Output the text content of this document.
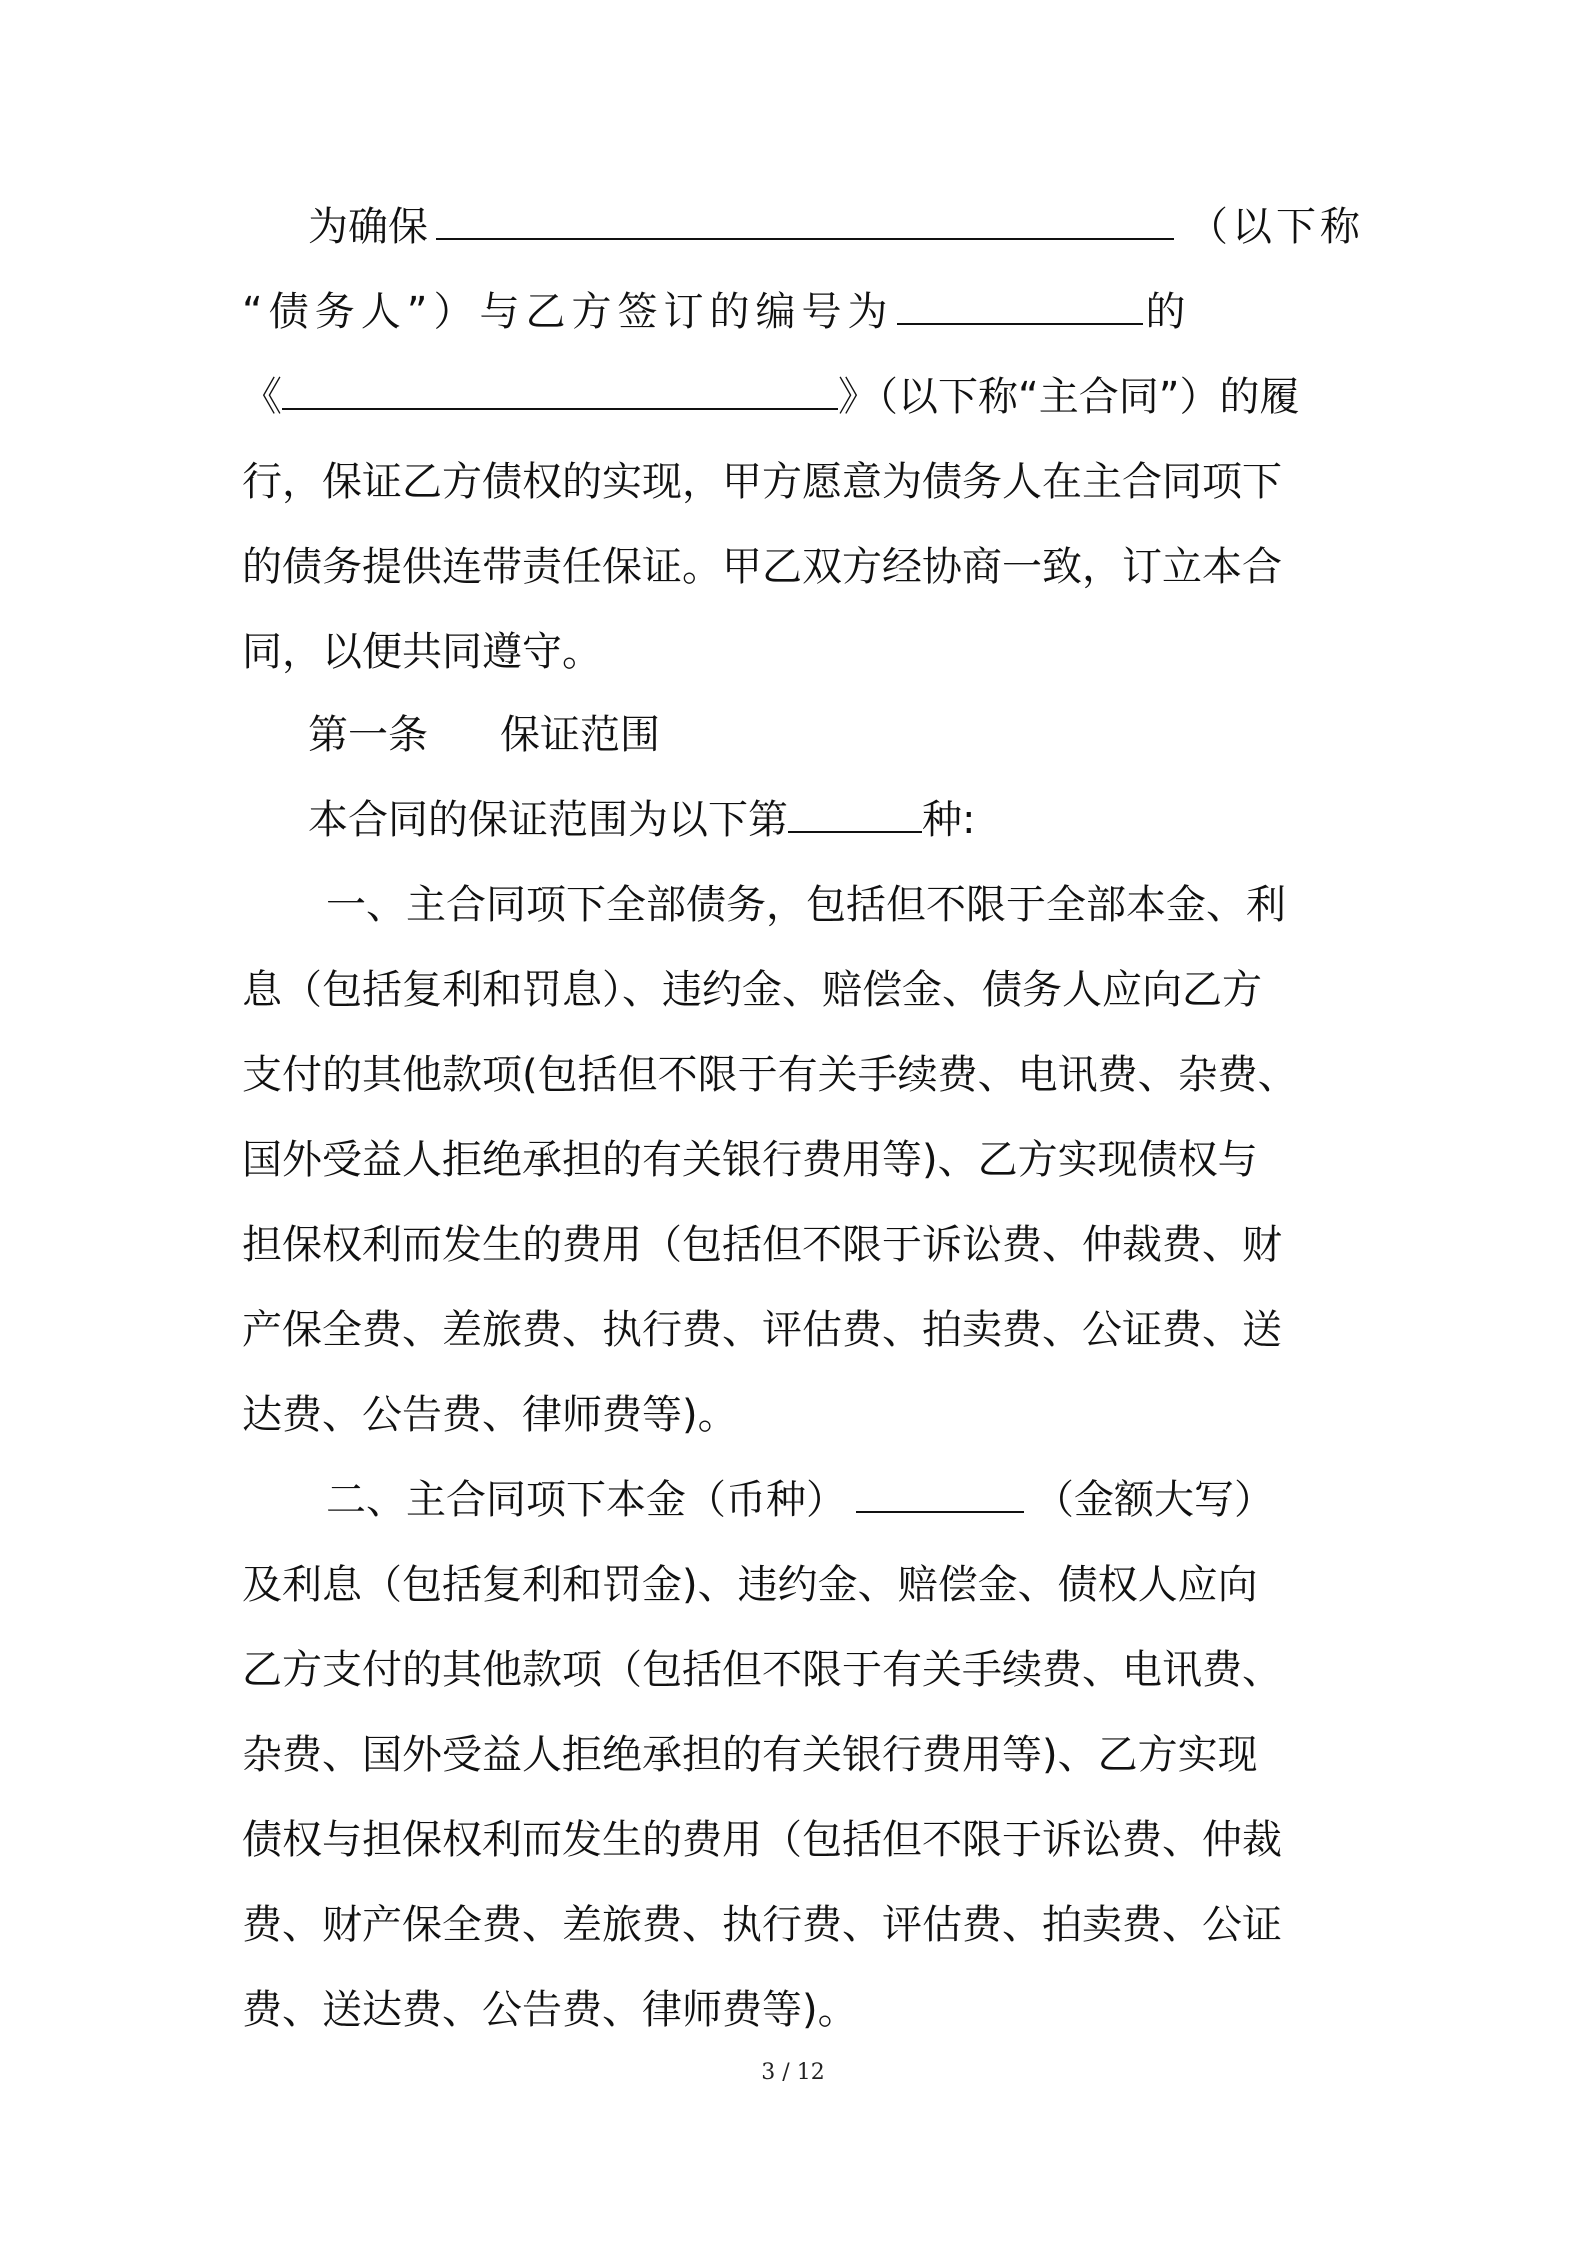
为确保	（以下称
“债务人”）与乙方签订的编号为	的
《	》（以下称“主合同”）的履
行，保证乙方债权的实现，甲方愿意为债务人在主合同项下
的债务提供连带责任保证。甲乙双方经协商一致，订立本合
同，以便共同遵守。
第一条 保证范围
本合同的保证范围为以下第	种:
一、主合同项下全部债务，包括但不限于全部本金、利
息（包括复利和罚息）、违约金、赔偿金、债务人应向乙方
支付的其他款项(包括但不限于有关手续费、电讯费、杂费、
国外受益人拒绝承担的有关银行费用等)、乙方实现债权与
担保权利而发生的费用（包括但不限于诉讼费、仲裁费、财
产保全费、差旅费、执行费、评估费、拍卖费、公证费、送
达费、公告费、律师费等)。
二、主合同项下本金（币种）	（金额大写）
及利息（包括复利和罚金)、违约金、赔偿金、债权人应向
乙方支付的其他款项（包括但不限于有关手续费、电讯费、
杂费、国外受益人拒绝承担的有关银行费用等)、乙方实现
债权与担保权利而发生的费用（包括但不限于诉讼费、仲裁
费、财产保全费、差旅费、执行费、评估费、拍卖费、公证
费、送达费、公告费、律师费等)。
3 / 12
